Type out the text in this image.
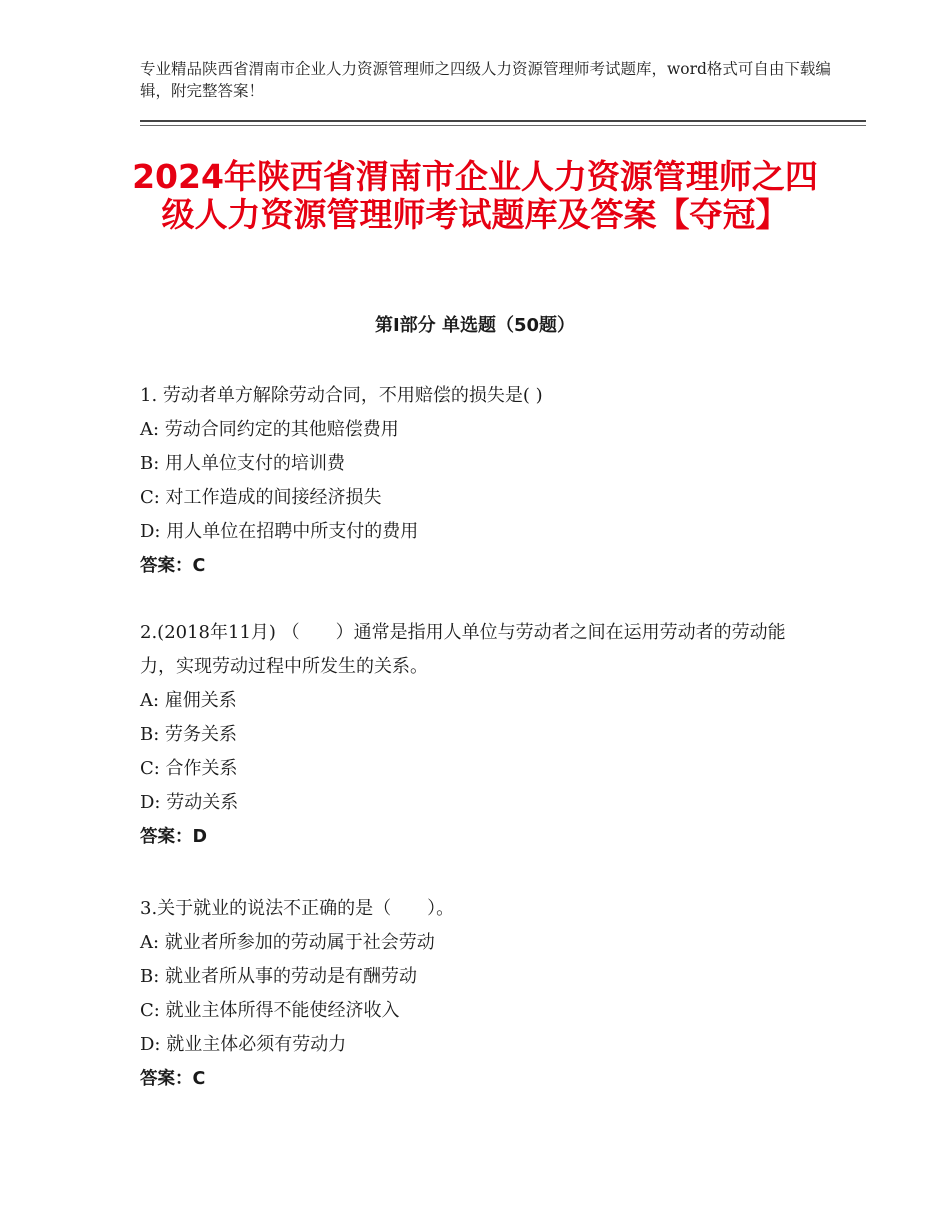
专业精品陕西省渭南市企业人力资源管理师之四级人力资源管理师考试题库，word格式可自由下载编辑，附完整答案！
2024年陕西省渭南市企业人力资源管理师之四级人力资源管理师考试题库及答案【夺冠】
第Ⅰ部分 单选题（50题）
1. 劳动者单方解除劳动合同，不用赔偿的损失是( )
A: 劳动合同约定的其他赔偿费用
B: 用人单位支付的培训费
C: 对工作造成的间接经济损失
D: 用人单位在招聘中所支付的费用
答案：C
2.(2018年11月) （　　）通常是指用人单位与劳动者之间在运用劳动者的劳动能力，实现劳动过程中所发生的关系。
A: 雇佣关系
B: 劳务关系
C: 合作关系
D: 劳动关系
答案：D
3.关于就业的说法不正确的是（　　）。
A: 就业者所参加的劳动属于社会劳动
B: 就业者所从事的劳动是有酬劳动
C: 就业主体所得不能使经济收入
D: 就业主体必须有劳动力
答案：C
